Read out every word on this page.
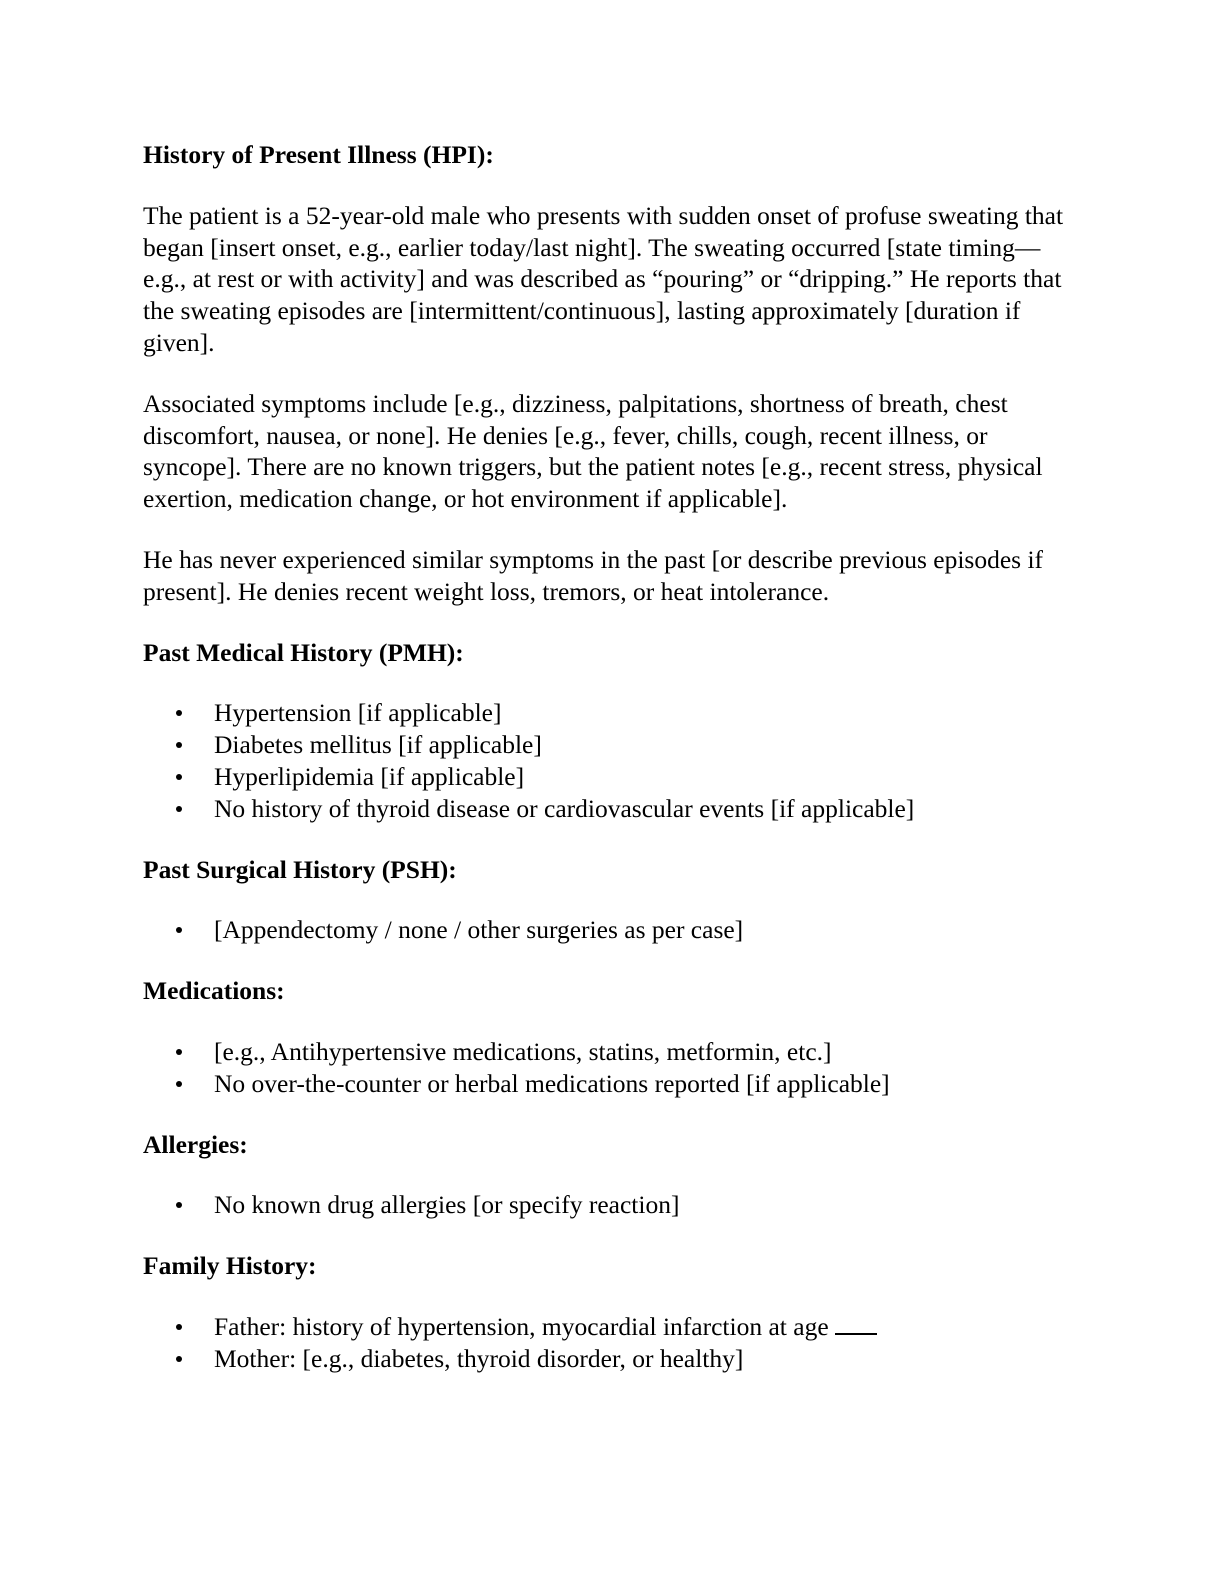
History of Present Illness (HPI):

The patient is a 52-year-old male who presents with sudden onset of profuse sweating that began [insert onset, e.g., earlier today/last night]. The sweating occurred [state timing—e.g., at rest or with activity] and was described as “pouring” or “dripping.” He reports that the sweating episodes are [intermittent/continuous], lasting approximately [duration if given].

Associated symptoms include [e.g., dizziness, palpitations, shortness of breath, chest discomfort, nausea, or none]. He denies [e.g., fever, chills, cough, recent illness, or syncope]. There are no known triggers, but the patient notes [e.g., recent stress, physical exertion, medication change, or hot environment if applicable].

He has never experienced similar symptoms in the past [or describe previous episodes if present]. He denies recent weight loss, tremors, or heat intolerance.

Past Medical History (PMH):

Hypertension [if applicable]
Diabetes mellitus [if applicable]
Hyperlipidemia [if applicable]
No history of thyroid disease or cardiovascular events [if applicable]

Past Surgical History (PSH):

[Appendectomy / none / other surgeries as per case]

Medications:

[e.g., Antihypertensive medications, statins, metformin, etc.]
No over-the-counter or herbal medications reported [if applicable]

Allergies:

No known drug allergies [or specify reaction]

Family History:

Father: history of hypertension, myocardial infarction at age
Mother: [e.g., diabetes, thyroid disorder, or healthy]
